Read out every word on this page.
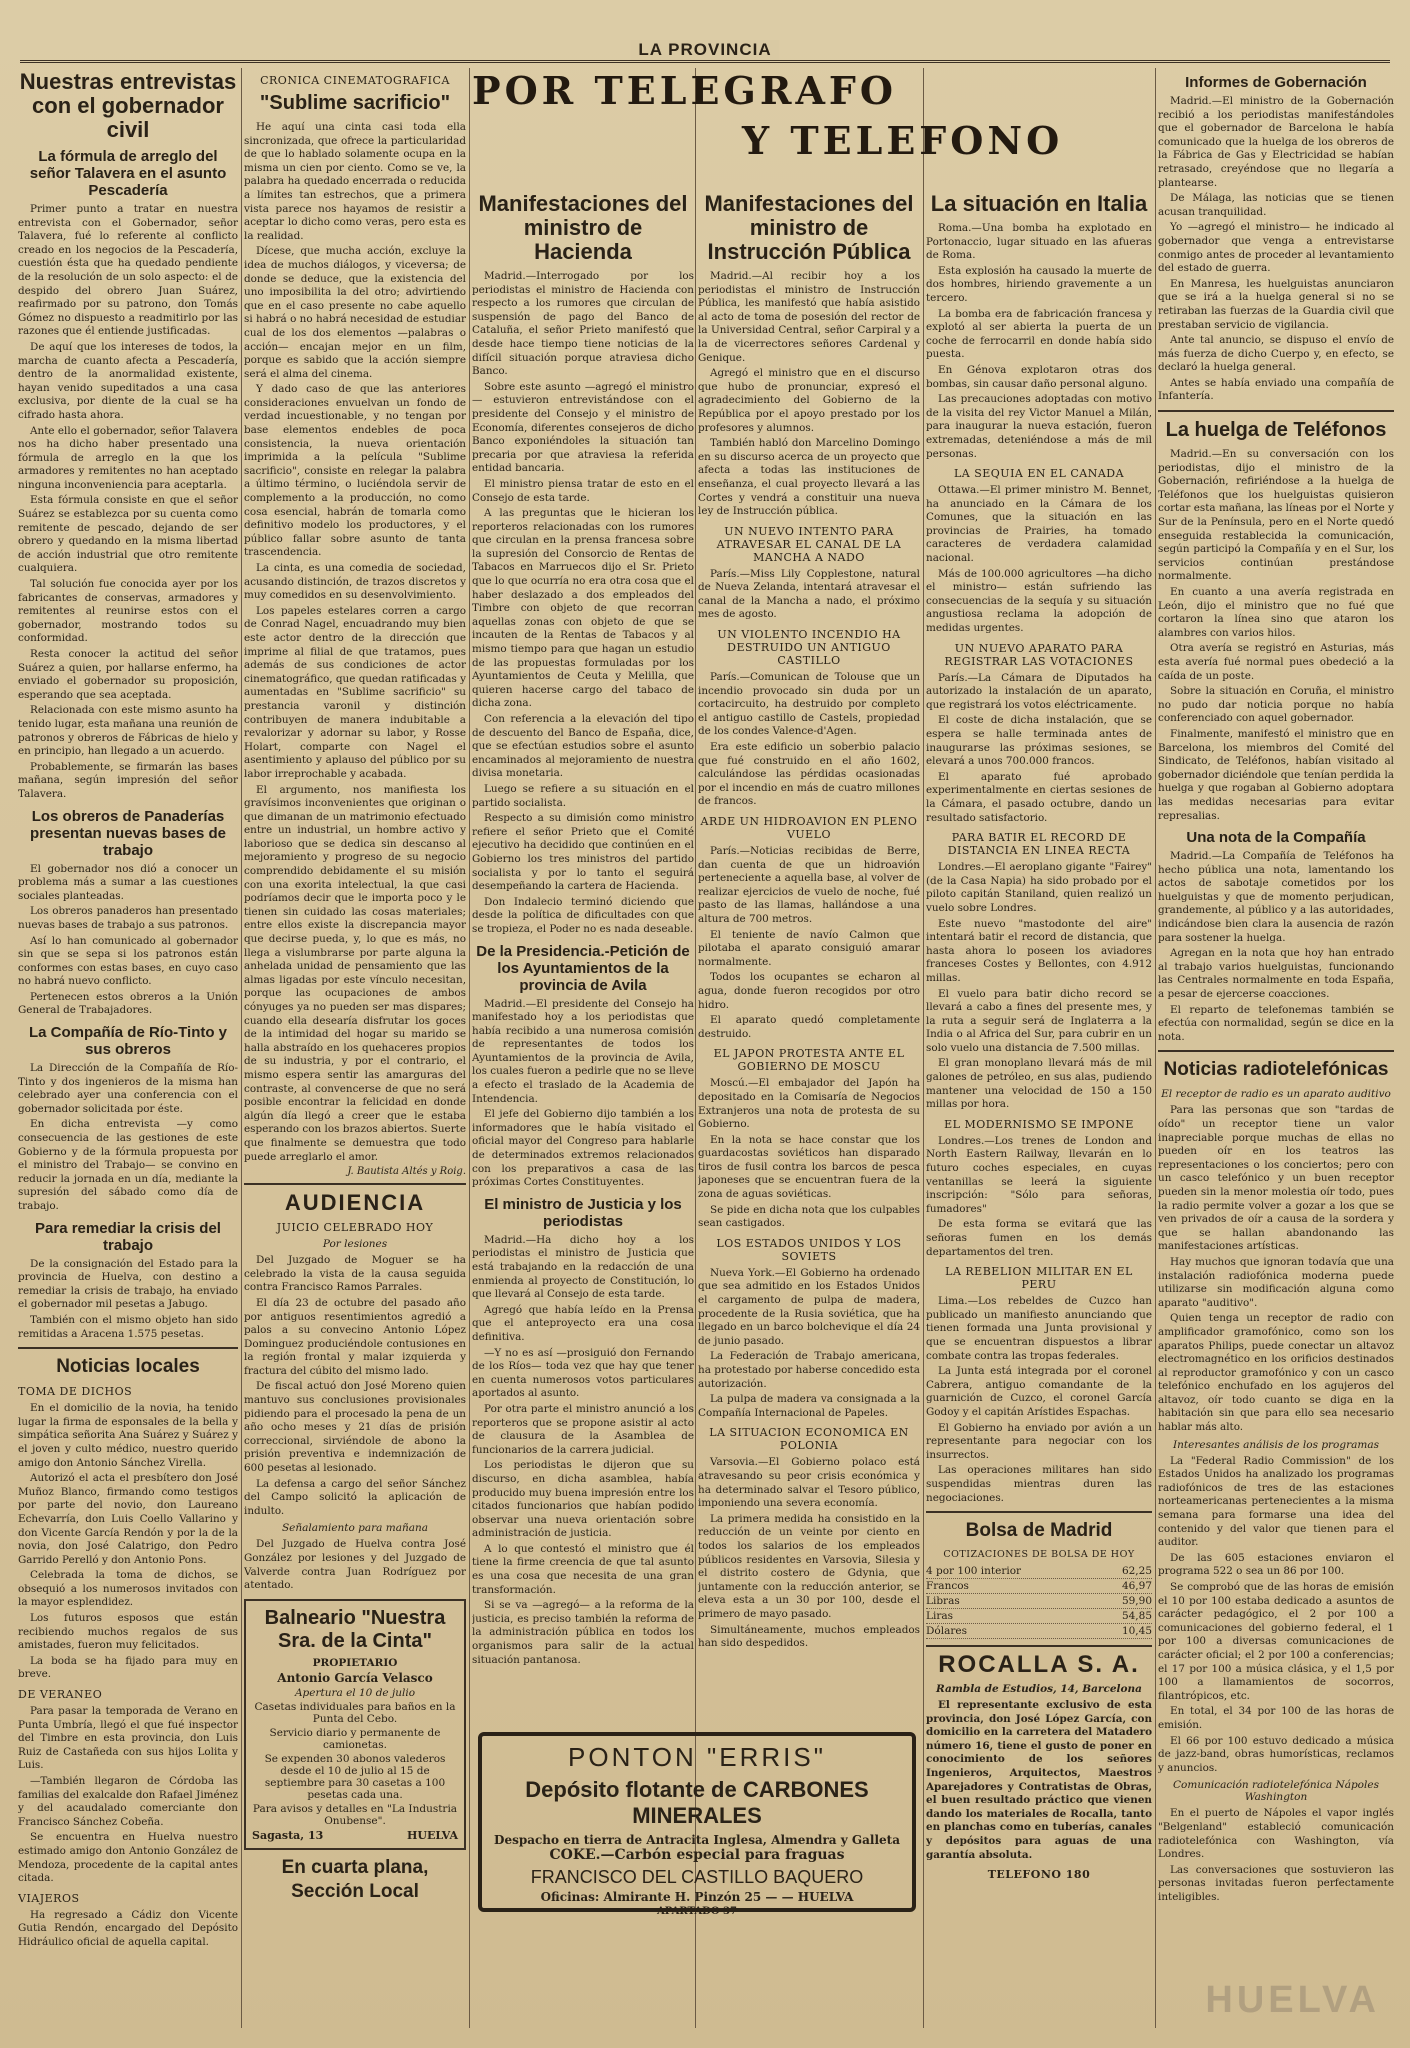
LA PROVINCIA
Nuestras entrevistas con el gobernador civil
La fórmula de arreglo del señor Talavera en el asunto Pescadería

Primer punto a tratar en nuestra entrevista con el Gobernador, señor Talavera, fué lo referente al conflicto creado en los negocios de la Pescadería, cuestión ésta que ha quedado pendiente de la resolución de un solo aspecto: el de despido del obrero Juan Suárez, reafirmado por su patrono, don Tomás Gómez no dispuesto a readmitirlo por las razones que él entiende justificadas.

De aquí que los intereses de todos, la marcha de cuanto afecta a Pescadería, dentro de la anormalidad existente, hayan venido supeditados a una casa exclusiva, por diente de la cual se ha cifrado hasta ahora.

Ante ello el gobernador, señor Talavera nos ha dicho haber presentado una fórmula de arreglo en la que los armadores y remitentes no han aceptado ninguna inconveniencia para aceptarla.

Esta fórmula consiste en que el señor Suárez se establezca por su cuenta como remitente de pescado, dejando de ser obrero y quedando en la misma libertad de acción industrial que otro remitente cualquiera.

Tal solución fue conocida ayer por los fabricantes de conservas, armadores y remitentes al reunirse estos con el gobernador, mostrando todos su conformidad.

Resta conocer la actitud del señor Suárez a quien, por hallarse enfermo, ha enviado el gobernador su proposición, esperando que sea aceptada.

Relacionada con este mismo asunto ha tenido lugar, esta mañana una reunión de patronos y obreros de Fábricas de hielo y en principio, han llegado a un acuerdo.

Probablemente, se firmarán las bases mañana, según impresión del señor Talavera.

Los obreros de Panaderías presentan nuevas bases de trabajo

El gobernador nos dió a conocer un problema más a sumar a las cuestiones sociales planteadas.

Los obreros panaderos han presentado nuevas bases de trabajo a sus patronos.

Así lo han comunicado al gobernador sin que se sepa si los patronos están conformes con estas bases, en cuyo caso no habrá nuevo conflicto.

Pertenecen estos obreros a la Unión General de Trabajadores.

La Compañía de Río-Tinto y sus obreros

La Dirección de la Compañía de Río-Tinto y dos ingenieros de la misma han celebrado ayer una conferencia con el gobernador solicitada por éste.

En dicha entrevista —y como consecuencia de las gestiones de este Gobierno y de la fórmula propuesta por el ministro del Trabajo— se convino en reducir la jornada en un día, mediante la supresión del sábado como día de trabajo.

Para remediar la crisis del trabajo

De la consignación del Estado para la provincia de Huelva, con destino a remediar la crisis de trabajo, ha enviado el gobernador mil pesetas a Jabugo.

También con el mismo objeto han sido remitidas a Aracena 1.575 pesetas.

Noticias locales
TOMA DE DICHOS

En el domicilio de la novia, ha tenido lugar la firma de esponsales de la bella y simpática señorita Ana Suárez y Suárez y el joven y culto médico, nuestro querido amigo don Antonio Sánchez Virella.

Autorizó el acta el presbítero don José Muñoz Blanco, firmando como testigos por parte del novio, don Laureano Echevarría, don Luis Coello Vallarino y don Vicente García Rendón y por la de la novia, don José Calatrigo, don Pedro Garrido Perelló y don Antonio Pons.

Celebrada la toma de dichos, se obsequió a los numerosos invitados con la mayor esplendidez.

Los futuros esposos que están recibiendo muchos regalos de sus amistades, fueron muy felicitados.

La boda se ha fijado para muy en breve.

DE VERANEO

Para pasar la temporada de Verano en Punta Umbría, llegó el que fué inspector del Timbre en esta provincia, don Luis Ruiz de Castañeda con sus hijos Lolita y Luis.

—También llegaron de Córdoba las familias del exalcalde don Rafael Jiménez y del acaudalado comerciante don Francisco Sánchez Cobeña.

Se encuentra en Huelva nuestro estimado amigo don Antonio González de Mendoza, procedente de la capital antes citada.

VIAJEROS

Ha regresado a Cádiz don Vicente Gutia Rendón, encargado del Depósito Hidráulico oficial de aquella capital.

CRONICA CINEMATOGRAFICA
"Sublime sacrificio"

He aquí una cinta casi toda ella sincronizada, que ofrece la particularidad de que lo hablado solamente ocupa en la misma un cien por ciento. Como se ve, la palabra ha quedado encerrada o reducida a límites tan estrechos, que a primera vista parece nos hayamos de resistir a aceptar lo dicho como veras, pero esta es la realidad.

Dícese, que mucha acción, excluye la idea de muchos diálogos, y viceversa; de donde se deduce, que la existencia del uno imposibilita la del otro; advirtiendo que en el caso presente no cabe aquello si habrá o no habrá necesidad de estudiar cual de los dos elementos —palabras o acción— encajan mejor en un film, porque es sabido que la acción siempre será el alma del cinema.

Y dado caso de que las anteriores consideraciones envuelvan un fondo de verdad incuestionable, y no tengan por base elementos endebles de poca consistencia, la nueva orientación imprimida a la película "Sublime sacrificio", consiste en relegar la palabra a último término, o luciéndola servir de complemento a la producción, no como cosa esencial, habrán de tomarla como definitivo modelo los productores, y el público fallar sobre asunto de tanta trascendencia.

La cinta, es una comedia de sociedad, acusando distinción, de trazos discretos y muy comedidos en su desenvolvimiento.

Los papeles estelares corren a cargo de Conrad Nagel, encuadrando muy bien este actor dentro de la dirección que imprime al filial de que tratamos, pues además de sus condiciones de actor cinematográfico, que quedan ratificadas y aumentadas en "Sublime sacrificio" su prestancia varonil y distinción contribuyen de manera indubitable a revalorizar y adornar su labor, y Rosse Holart, comparte con Nagel el asentimiento y aplauso del público por su labor irreprochable y acabada.

El argumento, nos manifiesta los gravísimos inconvenientes que originan o que dimanan de un matrimonio efectuado entre un industrial, un hombre activo y laborioso que se dedica sin descanso al mejoramiento y progreso de su negocio comprendido debidamente el su misión con una exorita intelectual, la que casi podríamos decir que le importa poco y le tienen sin cuidado las cosas materiales; entre ellos existe la discrepancia mayor que decirse pueda, y, lo que es más, no llega a vislumbrarse por parte alguna la anhelada unidad de pensamiento que las almas ligadas por este vínculo necesitan, porque las ocupaciones de ambos cónyuges ya no pueden ser mas dispares; cuando ella desearía disfrutar los goces de la intimidad del hogar su marido se halla abstraído en los quehaceres propios de su industria, y por el contrario, el mismo espera sentir las amarguras del contraste, al convencerse de que no será posible encontrar la felicidad en donde algún día llegó a creer que le estaba esperando con los brazos abiertos. Suerte que finalmente se demuestra que todo puede arreglarlo el amor.

J. Bautista Altés y Roig.
AUDIENCIA
JUICIO CELEBRADO HOY
Por lesiones

Del Juzgado de Moguer se ha celebrado la vista de la causa seguida contra Francisco Ramos Parrales.

El día 23 de octubre del pasado año por antiguos resentimientos agredió a palos a su convecino Antonio López Dominguez produciéndole contusiones en la región frontal y malar izquierda y fractura del cúbito del mismo lado.

De fiscal actuó don José Moreno quien mantuvo sus conclusiones provisionales pidiendo para el procesado la pena de un año ocho meses y 21 días de prisión correccional, sirviéndole de abono la prisión preventiva e indemnización de 600 pesetas al lesionado.

La defensa a cargo del señor Sánchez del Campo solicitó la aplicación de indulto.

Señalamiento para mañana

Del Juzgado de Huelva contra José González por lesiones y del Juzgado de Valverde contra Juan Rodríguez por atentado.

Balneario "Nuestra Sra. de la Cinta"
PROPIETARIO
Antonio García Velasco
Apertura el 10 de julio
Casetas individuales para baños en la Punta del Cebo.
Servicio diario y permanente de camionetas.
Se expenden 30 abonos valederos desde el 10 de julio al 15 de septiembre para 30 casetas a 100 pesetas cada una.
Para avisos y detalles en "La Industria Onubense".
Sagasta, 13	HUELVA
En cuarta plana, Sección Local
POR TELEGRAFO
Y TELEFONO
Manifestaciones del ministro de Hacienda

Madrid.—Interrogado por los periodistas el ministro de Hacienda con respecto a los rumores que circulan de suspensión de pago del Banco de Cataluña, el señor Prieto manifestó que desde hace tiempo tiene noticias de la difícil situación porque atraviesa dicho Banco.

Sobre este asunto —agregó el ministro— estuvieron entrevistándose con el presidente del Consejo y el ministro de Economía, diferentes consejeros de dicho Banco exponiéndoles la situación tan precaria por que atraviesa la referida entidad bancaria.

El ministro piensa tratar de esto en el Consejo de esta tarde.

A las preguntas que le hicieran los reporteros relacionadas con los rumores que circulan en la prensa francesa sobre la supresión del Consorcio de Rentas de Tabacos en Marruecos dijo el Sr. Prieto que lo que ocurría no era otra cosa que el haber deslazado a dos empleados del Timbre con objeto de que recorran aquellas zonas con objeto de que se incauten de la Rentas de Tabacos y al mismo tiempo para que hagan un estudio de las propuestas formuladas por los Ayuntamientos de Ceuta y Melilla, que quieren hacerse cargo del tabaco de dicha zona.

Con referencia a la elevación del tipo de descuento del Banco de España, dice, que se efectúan estudios sobre el asunto encaminados al mejoramiento de nuestra divisa monetaria.

Luego se refiere a su situación en el partido socialista.

Respecto a su dimisión como ministro refiere el señor Prieto que el Comité ejecutivo ha decidido que continúen en el Gobierno los tres ministros del partido socialista y por lo tanto el seguirá desempeñando la cartera de Hacienda.

Don Indalecio terminó diciendo que desde la política de dificultades con que se tropieza, el Poder no es nada deseable.

De la Presidencia.-Petición de los Ayuntamientos de la provincia de Avila

Madrid.—El presidente del Consejo ha manifestado hoy a los periodistas que había recibido a una numerosa comisión de representantes de todos los Ayuntamientos de la provincia de Avila, los cuales fueron a pedirle que no se lleve a efecto el traslado de la Academia de Intendencia.

El jefe del Gobierno dijo también a los informadores que le había visitado el oficial mayor del Congreso para hablarle de determinados extremos relacionados con los preparativos a casa de las próximas Cortes Constituyentes.

El ministro de Justicia y los periodistas

Madrid.—Ha dicho hoy a los periodistas el ministro de Justicia que está trabajando en la redacción de una enmienda al proyecto de Constitución, lo que llevará al Consejo de esta tarde.

Agregó que había leído en la Prensa que el anteproyecto era una cosa definitiva.

—Y no es así —prosiguió don Fernando de los Ríos— toda vez que hay que tener en cuenta numerosos votos particulares aportados al asunto.

Por otra parte el ministro anunció a los reporteros que se propone asistir al acto de clausura de la Asamblea de funcionarios de la carrera judicial.

Los periodistas le dijeron que su discurso, en dicha asamblea, había producido muy buena impresión entre los citados funcionarios que habían podido observar una nueva orientación sobre administración de justicia.

A lo que contestó el ministro que él tiene la firme creencia de que tal asunto es una cosa que necesita de una gran transformación.

Si se va —agregó— a la reforma de la justicia, es preciso también la reforma de la administración pública en todos los organismos para salir de la actual situación pantanosa.

Manifestaciones del ministro de Instrucción Pública

Madrid.—Al recibir hoy a los periodistas el ministro de Instrucción Pública, les manifestó que había asistido al acto de toma de posesión del rector de la Universidad Central, señor Carpiral y a la de vicerrectores señores Cardenal y Genique.

Agregó el ministro que en el discurso que hubo de pronunciar, expresó el agradecimiento del Gobierno de la República por el apoyo prestado por los profesores y alumnos.

También habló don Marcelino Domingo en su discurso acerca de un proyecto que afecta a todas las instituciones de enseñanza, el cual proyecto llevará a las Cortes y vendrá a constituir una nueva ley de Instrucción pública.

UN NUEVO INTENTO PARA ATRAVESAR EL CANAL DE LA MANCHA A NADO

París.—Miss Lily Copplestone, natural de Nueva Zelanda, intentará atravesar el canal de la Mancha a nado, el próximo mes de agosto.

UN VIOLENTO INCENDIO HA DESTRUIDO UN ANTIGUO CASTILLO

París.—Comunican de Tolouse que un incendio provocado sin duda por un cortacircuito, ha destruido por completo el antiguo castillo de Castels, propiedad de los condes Valence-d'Agen.

Era este edificio un soberbio palacio que fué construido en el año 1602, calculándose las pérdidas ocasionadas por el incendio en más de cuatro millones de francos.

ARDE UN HIDROAVION EN PLENO VUELO

París.—Noticias recibidas de Berre, dan cuenta de que un hidroavión perteneciente a aquella base, al volver de realizar ejercicios de vuelo de noche, fué pasto de las llamas, hallándose a una altura de 700 metros.

El teniente de navío Calmon que pilotaba el aparato consiguió amarar normalmente.

Todos los ocupantes se echaron al agua, donde fueron recogidos por otro hidro.

El aparato quedó completamente destruido.

EL JAPON PROTESTA ANTE EL GOBIERNO DE MOSCU

Moscú.—El embajador del Japón ha depositado en la Comisaría de Negocios Extranjeros una nota de protesta de su Gobierno.

En la nota se hace constar que los guardacostas soviéticos han disparado tiros de fusil contra los barcos de pesca japoneses que se encuentran fuera de la zona de aguas soviéticas.

Se pide en dicha nota que los culpables sean castigados.

LOS ESTADOS UNIDOS Y LOS SOVIETS

Nueva York.—El Gobierno ha ordenado que sea admitido en los Estados Unidos el cargamento de pulpa de madera, procedente de la Rusia soviética, que ha llegado en un barco bolchevique el día 24 de junio pasado.

La Federación de Trabajo americana, ha protestado por haberse concedido esta autorización.

La pulpa de madera va consignada a la Compañía Internacional de Papeles.

LA SITUACION ECONOMICA EN POLONIA

Varsovia.—El Gobierno polaco está atravesando su peor crisis económica y ha determinado salvar el Tesoro público, imponiendo una severa economía.

La primera medida ha consistido en la reducción de un veinte por ciento en todos los salarios de los empleados públicos residentes en Varsovia, Silesia y el distrito costero de Gdynia, que juntamente con la reducción anterior, se eleva esta a un 30 por 100, desde el primero de mayo pasado.

Simultáneamente, muchos empleados han sido despedidos.

La situación en Italia

Roma.—Una bomba ha explotado en Portonaccio, lugar situado en las afueras de Roma.

Esta explosión ha causado la muerte de dos hombres, hiriendo gravemente a un tercero.

La bomba era de fabricación francesa y explotó al ser abierta la puerta de un coche de ferrocarril en donde había sido puesta.

En Génova explotaron otras dos bombas, sin causar daño personal alguno.

Las precauciones adoptadas con motivo de la visita del rey Victor Manuel a Milán, para inaugurar la nueva estación, fueron extremadas, deteniéndose a más de mil personas.

LA SEQUIA EN EL CANADA

Ottawa.—El primer ministro M. Bennet, ha anunciado en la Cámara de los Comunes, que la situación en las provincias de Prairies, ha tomado caracteres de verdadera calamidad nacional.

Más de 100.000 agricultores —ha dicho el ministro— están sufriendo las consecuencias de la sequía y su situación angustiosa reclama la adopción de medidas urgentes.

UN NUEVO APARATO PARA REGISTRAR LAS VOTACIONES

París.—La Cámara de Diputados ha autorizado la instalación de un aparato, que registrará los votos eléctricamente.

El coste de dicha instalación, que se espera se halle terminada antes de inaugurarse las próximas sesiones, se elevará a unos 700.000 francos.

El aparato fué aprobado experimentalmente en ciertas sesiones de la Cámara, el pasado octubre, dando un resultado satisfactorio.

PARA BATIR EL RECORD DE DISTANCIA EN LINEA RECTA

Londres.—El aeroplano gigante "Fairey" (de la Casa Napia) ha sido probado por el piloto capitán Staniland, quien realizó un vuelo sobre Londres.

Este nuevo "mastodonte del aire" intentará batir el record de distancia, que hasta ahora lo poseen los aviadores franceses Costes y Bellontes, con 4.912 millas.

El vuelo para batir dicho record se llevará a cabo a fines del presente mes, y la ruta a seguir será de Inglaterra a la India o al Africa del Sur, para cubrir en un solo vuelo una distancia de 7.500 millas.

El gran monoplano llevará más de mil galones de petróleo, en sus alas, pudiendo mantener una velocidad de 150 a 150 millas por hora.

EL MODERNISMO SE IMPONE

Londres.—Los trenes de London and North Eastern Railway, llevarán en lo futuro coches especiales, en cuyas ventanillas se leerá la siguiente inscripción: "Sólo para señoras, fumadores"

De esta forma se evitará que las señoras fumen en los demás departamentos del tren.

LA REBELION MILITAR EN EL PERU

Lima.—Los rebeldes de Cuzco han publicado un manifiesto anunciando que tienen formada una Junta provisional y que se encuentran dispuestos a librar combate contra las tropas federales.

La Junta está integrada por el coronel Cabrera, antiguo comandante de la guarnición de Cuzco, el coronel García Godoy y el capitán Arístides Espachas.

El Gobierno ha enviado por avión a un representante para negociar con los insurrectos.

Las operaciones militares han sido suspendidas mientras duren las negociaciones.

Bolsa de Madrid
COTIZACIONES DE BOLSA DE HOY
4 por 100 interior	62,25
Francos	46,97
Libras	59,90
Liras	54,85
Dólares	10,45
ROCALLA S. A.
Rambla de Estudios, 14, Barcelona

El representante exclusivo de esta provincia, don José López García, con domicilio en la carretera del Matadero número 16, tiene el gusto de poner en conocimiento de los señores Ingenieros, Arquitectos, Maestros Aparejadores y Contratistas de Obras, el buen resultado práctico que vienen dando los materiales de Rocalla, tanto en planchas como en tuberías, canales y depósitos para aguas de una garantía absoluta.

TELEFONO 180
Informes de Gobernación

Madrid.—El ministro de la Gobernación recibió a los periodistas manifestándoles que el gobernador de Barcelona le había comunicado que la huelga de los obreros de la Fábrica de Gas y Electricidad se habían retrasado, creyéndose que no llegaría a plantearse.

De Málaga, las noticias que se tienen acusan tranquilidad.

Yo —agregó el ministro— he indicado al gobernador que venga a entrevistarse conmigo antes de proceder al levantamiento del estado de guerra.

En Manresa, les huelguistas anunciaron que se irá a la huelga general si no se retiraban las fuerzas de la Guardia civil que prestaban servicio de vigilancia.

Ante tal anuncio, se dispuso el envío de más fuerza de dicho Cuerpo y, en efecto, se declaró la huelga general.

Antes se había enviado una compañía de Infantería.

La huelga de Teléfonos

Madrid.—En su conversación con los periodistas, dijo el ministro de la Gobernación, refiriéndose a la huelga de Teléfonos que los huelguistas quisieron cortar esta mañana, las líneas por el Norte y Sur de la Península, pero en el Norte quedó enseguida restablecida la comunicación, según participó la Compañía y en el Sur, los servicios continúan prestándose normalmente.

En cuanto a una avería registrada en León, dijo el ministro que no fué que cortaron la línea sino que ataron los alambres con varios hilos.

Otra avería se registró en Asturias, más esta avería fué normal pues obedeció a la caída de un poste.

Sobre la situación en Coruña, el ministro no pudo dar noticia porque no había conferenciado con aquel gobernador.

Finalmente, manifestó el ministro que en Barcelona, los miembros del Comité del Sindicato, de Teléfonos, habían visitado al gobernador diciéndole que tenían perdida la huelga y que rogaban al Gobierno adoptara las medidas necesarias para evitar represalias.

Una nota de la Compañía

Madrid.—La Compañía de Teléfonos ha hecho pública una nota, lamentando los actos de sabotaje cometidos por los huelguistas y que de momento perjudican, grandemente, al público y a las autoridades, indicándose bien clara la ausencia de razón para sostener la huelga.

Agregan en la nota que hoy han entrado al trabajo varios huelguistas, funcionando las Centrales normalmente en toda España, a pesar de ejercerse coacciones.

El reparto de telefonemas también se efectúa con normalidad, según se dice en la nota.

Noticias radiotelefónicas
El receptor de radio es un aparato auditivo

Para las personas que son "tardas de oído" un receptor tiene un valor inapreciable porque muchas de ellas no pueden oír en los teatros las representaciones o los conciertos; pero con un casco telefónico y un buen receptor pueden sin la menor molestia oír todo, pues la radio permite volver a gozar a los que se ven privados de oír a causa de la sordera y que se hallan abandonando las manifestaciones artísticas.

Hay muchos que ignoran todavía que una instalación radiofónica moderna puede utilizarse sin modificación alguna como aparato "auditivo".

Quien tenga un receptor de radio con amplificador gramofónico, como son los aparatos Philips, puede conectar un altavoz electromagnético en los orificios destinados al reproductor gramofónico y con un casco telefónico enchufado en los agujeros del altavoz, oír todo cuanto se diga en la habitación sin que para ello sea necesario hablar más alto.

Interesantes análisis de los programas

La "Federal Radio Commission" de los Estados Unidos ha analizado los programas radiofónicos de tres de las estaciones norteamericanas pertenecientes a la misma semana para formarse una idea del contenido y del valor que tienen para el auditor.

De las 605 estaciones enviaron el programa 522 o sea un 86 por 100.

Se comprobó que de las horas de emisión el 10 por 100 estaba dedicado a asuntos de carácter pedagógico, el 2 por 100 a comunicaciones del gobierno federal, el 1 por 100 a diversas comunicaciones de carácter oficial; el 2 por 100 a conferencias; el 17 por 100 a música clásica, y el 1,5 por 100 a llamamientos de socorros, filantrópicos, etc.

En total, el 34 por 100 de las horas de emisión.

El 66 por 100 estuvo dedicado a música de jazz-band, obras humorísticas, reclamos y anuncios.

Comunicación radiotelefónica Nápoles Washington

En el puerto de Nápoles el vapor inglés "Belgenland" estableció comunicación radiotelefónica con Washington, vía Londres.

Las conversaciones que sostuvieron las personas invitadas fueron perfectamente inteligibles.

PONTON "ERRIS"
Depósito flotante de CARBONES MINERALES
Despacho en tierra de Antracita Inglesa, Almendra y Galleta
COKE.—Carbón especial para fraguas
FRANCISCO DEL CASTILLO BAQUERO
Oficinas: Almirante H. Pinzón 25 — — HUELVA
APARTADO 37
HUELVA
